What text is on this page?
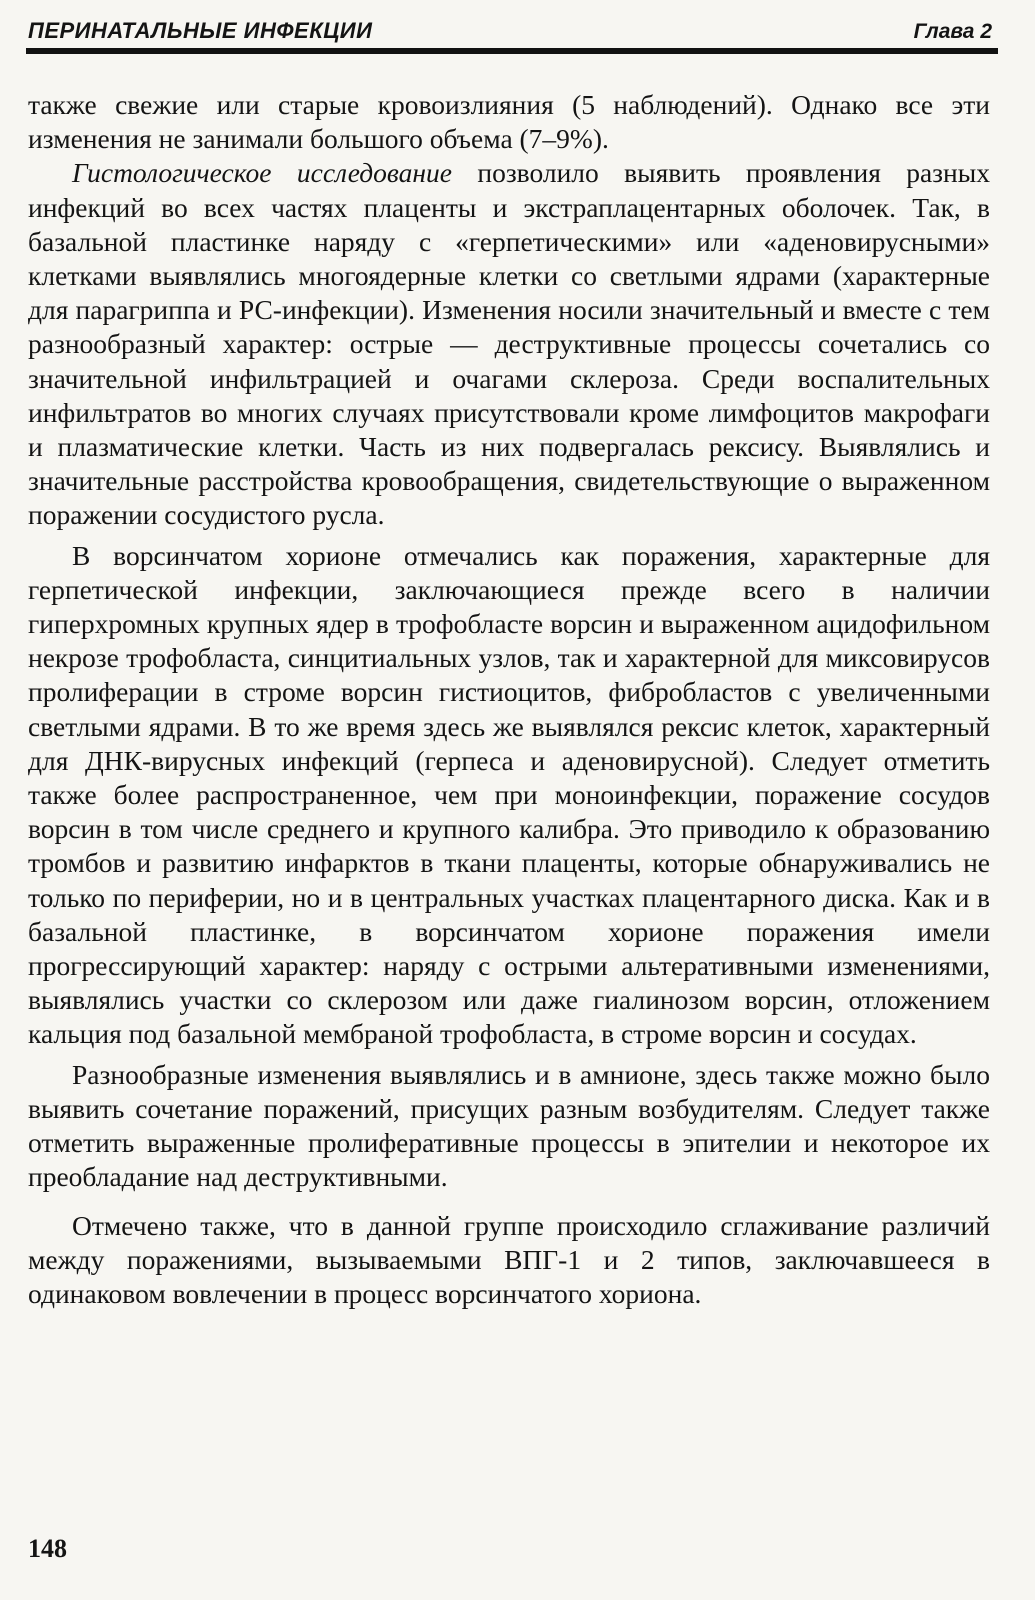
ПЕРИНАТАЛЬНЫЕ ИНФЕКЦИИ	Глава 2

также свежие или старые кровоизлияния (5 наблюдений). Однако все эти изменения не занимали большого объема (7–9%).

Гистологическое исследование позволило выявить проявления разных инфекций во всех частях плаценты и экстраплацентарных оболочек. Так, в базальной пластинке наряду с «герпетическими» или «аденовирусными» клетками выявлялись многоядерные клетки со светлыми ядрами (характерные для парагриппа и РС-инфекции). Изменения носили значительный и вместе с тем разнообразный характер: острые — деструктивные процессы сочетались со значительной инфильтрацией и очагами склероза. Среди воспалительных инфильтратов во многих случаях присутствовали кроме лимфоцитов макрофаги и плазматические клетки. Часть из них подвергалась рексису. Выявлялись и значительные расстройства кровообращения, свидетельствующие о выраженном поражении сосудистого русла.

В ворсинчатом хорионе отмечались как поражения, характерные для герпетической инфекции, заключающиеся прежде всего в наличии гиперхромных крупных ядер в трофобласте ворсин и выраженном ацидофильном некрозе трофобласта, синцитиальных узлов, так и характерной для миксовирусов пролиферации в строме ворсин гистиоцитов, фибробластов с увеличенными светлыми ядрами. В то же время здесь же выявлялся рексис клеток, характерный для ДНК-вирусных инфекций (герпеса и аденовирусной). Следует отметить также более распространенное, чем при моноинфекции, поражение сосудов ворсин в том числе среднего и крупного калибра. Это приводило к образованию тромбов и развитию инфарктов в ткани плаценты, которые обнаруживались не только по периферии, но и в центральных участках плацентарного диска. Как и в базальной пластинке, в ворсинчатом хорионе поражения имели прогрессирующий характер: наряду с острыми альтеративными изменениями, выявлялись участки со склерозом или даже гиалинозом ворсин, отложением кальция под базальной мембраной трофобласта, в строме ворсин и сосудах.

Разнообразные изменения выявлялись и в амнионе, здесь также можно было выявить сочетание поражений, присущих разным возбудителям. Следует также отметить выраженные пролиферативные процессы в эпителии и некоторое их преобладание над деструктивными.

Отмечено также, что в данной группе происходило сглаживание различий между поражениями, вызываемыми ВПГ-1 и 2 типов, заключавшееся в одинаковом вовлечении в процесс ворсинчатого хориона.

148
